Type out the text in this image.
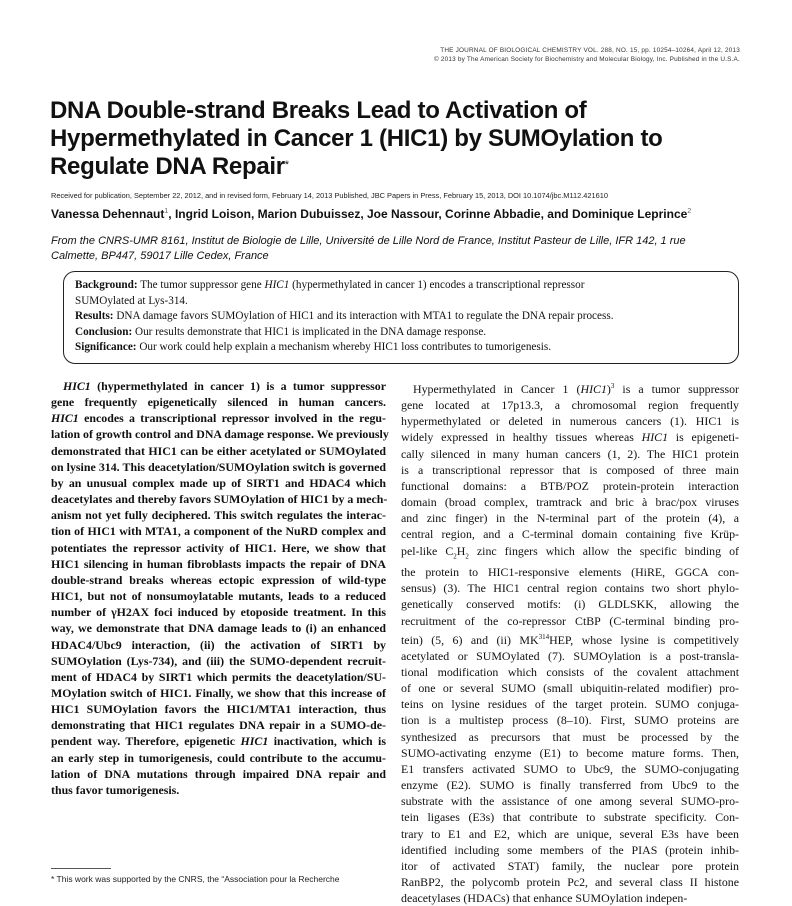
THE JOURNAL OF BIOLOGICAL CHEMISTRY VOL. 288, NO. 15, pp. 10254–10264, April 12, 2013
© 2013 by The American Society for Biochemistry and Molecular Biology, Inc. Published in the U.S.A.
DNA Double-strand Breaks Lead to Activation of
Hypermethylated in Cancer 1 (HIC1) by SUMOylation to
Regulate DNA Repair*
Received for publication, September 22, 2012, and in revised form, February 14, 2013 Published, JBC Papers in Press, February 15, 2013, DOI 10.1074/jbc.M112.421610
Vanessa Dehennaut$^1$, Ingrid Loison, Marion Dubuissez, Joe Nassour, Corinne Abbadie, and Dominique Leprince$^2$
From the CNRS-UMR 8161, Institut de Biologie de Lille, Université de Lille Nord de France, Institut Pasteur de Lille, IFR 142, 1 rue
Calmette, BP447, 59017 Lille Cedex, France
Background: The tumor suppressor gene HIC1 (hypermethylated in cancer 1) encodes a transcriptional repressor
SUMOylated at Lys-314.
Results: DNA damage favors SUMOylation of HIC1 and its interaction with MTA1 to regulate the DNA repair process.
Conclusion: Our results demonstrate that HIC1 is implicated in the DNA damage response.
Significance: Our work could help explain a mechanism whereby HIC1 loss contributes to tumorigenesis.
HIC1 (hypermethylated in cancer 1) is a tumor suppressor
gene frequently epigenetically silenced in human cancers.
HIC1 encodes a transcriptional repressor involved in the regu-
lation of growth control and DNA damage response. We previously
demonstrated that HIC1 can be either acetylated or SUMOylated
on lysine 314. This deacetylation/SUMOylation switch is governed
by an unusual complex made up of SIRT1 and HDAC4 which
deacetylates and thereby favors SUMOylation of HIC1 by a mech-
anism not yet fully deciphered. This switch regulates the interac-
tion of HIC1 with MTA1, a component of the NuRD complex and
potentiates the repressor activity of HIC1. Here, we show that
HIC1 silencing in human fibroblasts impacts the repair of DNA
double-strand breaks whereas ectopic expression of wild-type
HIC1, but not of nonsumoylatable mutants, leads to a reduced
number of γH2AX foci induced by etoposide treatment. In this
way, we demonstrate that DNA damage leads to (i) an enhanced
HDAC4/Ubc9 interaction, (ii) the activation of SIRT1 by
SUMOylation (Lys-734), and (iii) the SUMO-dependent recruit-
ment of HDAC4 by SIRT1 which permits the deacetylation/SU-
MOylation switch of HIC1. Finally, we show that this increase of
HIC1 SUMOylation favors the HIC1/MTA1 interaction, thus
demonstrating that HIC1 regulates DNA repair in a SUMO-de-
pendent way. Therefore, epigenetic HIC1 inactivation, which is
an early step in tumorigenesis, could contribute to the accumu-
lation of DNA mutations through impaired DNA repair and
thus favor tumorigenesis.
Hypermethylated in Cancer 1 $(HIC1)^3$ is a tumor suppressor
gene located at 17p13.3, a chromosomal region frequently
hypermethylated or deleted in numerous cancers (1). HIC1 is
widely expressed in healthy tissues whereas HIC1 is epigeneti-
cally silenced in many human cancers (1, 2). The HIC1 protein
is a transcriptional repressor that is composed of three main
functional domains: a BTB/POZ protein-protein interaction
domain (broad complex, tramtrack and bric à brac/pox viruses
and zinc finger) in the N-terminal part of the protein (4), a
central region, and a C-terminal domain containing five Krüp-
pel-like $C_2H_2$ zinc fingers which allow the specific binding of
the protein to HIC1-responsive elements (HiRE, GGCA con-
sensus) (3). The HIC1 central region contains two short phylo-
genetically conserved motifs: (i) GLDLSKK, allowing the
recruitment of the co-repressor CtBP (C-terminal binding pro-
tein) (5, 6) and (ii) MK$^{314}$HEP, whose lysine is competitively
acetylated or SUMOylated (7). SUMOylation is a post-transla-
tional modification which consists of the covalent attachment
of one or several SUMO (small ubiquitin-related modifier) pro-
teins on lysine residues of the target protein. SUMO conjuga-
tion is a multistep process (8–10). First, SUMO proteins are
synthesized as precursors that must be processed by the
SUMO-activating enzyme (E1) to become mature forms. Then,
E1 transfers activated SUMO to Ubc9, the SUMO-conjugating
enzyme (E2). SUMO is finally transferred from Ubc9 to the
substrate with the assistance of one among several SUMO-pro-
tein ligases (E3s) that contribute to substrate specificity. Con-
trary to E1 and E2, which are unique, several E3s have been
identified including some members of the PIAS (protein inhib-
itor of activated STAT) family, the nuclear pore protein
RanBP2, the polycomb protein Pc2, and several class II histone
deacetylases (HDACs) that enhance SUMOylation indepen-
* This work was supported by the CNRS, the “Association pour la Recherche
